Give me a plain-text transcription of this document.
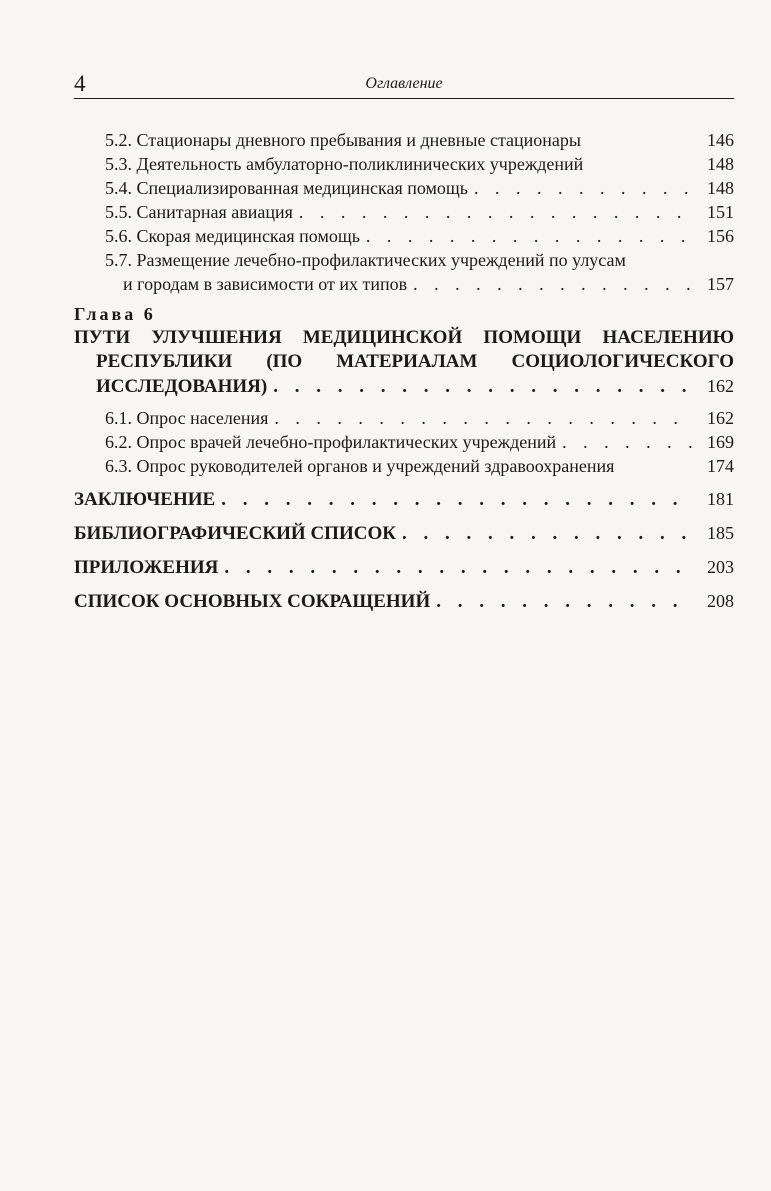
4	Оглавление
5.2. Стационары дневного пребывания и дневные стационары	146
5.3. Деятельность амбулаторно-поликлинических учреждений	148
5.4. Специализированная медицинская помощь . . .	148
5.5. Санитарная авиация . . .	151
5.6. Скорая медицинская помощь . . .	156
5.7. Размещение лечебно-профилактических учреждений по улусам
и городам в зависимости от их типов . . .	157
Глава 6
ПУТИ УЛУЧШЕНИЯ МЕДИЦИНСКОЙ ПОМОЩИ НАСЕЛЕНИЮ
РЕСПУБЛИКИ (ПО МАТЕРИАЛАМ СОЦИОЛОГИЧЕСКОГО
ИССЛЕДОВАНИЯ) . . .	162
6.1. Опрос населения . . .	162
6.2. Опрос врачей лечебно-профилактических учреждений . . .	169
6.3. Опрос руководителей органов и учреждений здравоохранения	174
ЗАКЛЮЧЕНИЕ . . .	181
БИБЛИОГРАФИЧЕСКИЙ СПИСОК . . .	185
ПРИЛОЖЕНИЯ . . .	203
СПИСОК ОСНОВНЫХ СОКРАЩЕНИЙ . . .	208
